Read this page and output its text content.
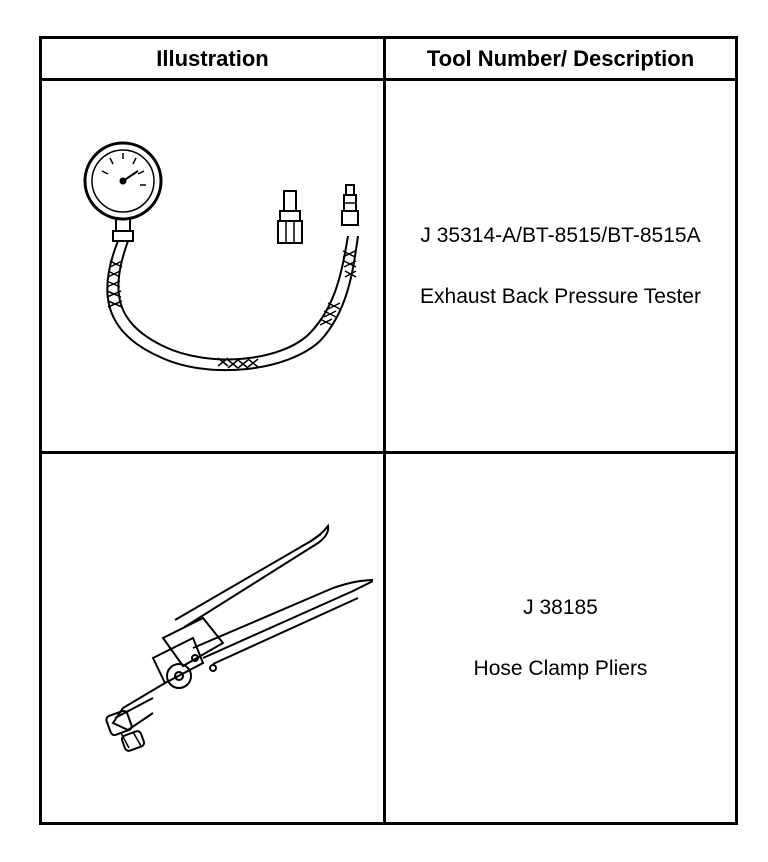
Illustration	Tool Number/ Description

J 35314-A/BT-8515/BT-8515A
Exhaust Back Pressure Tester

J 38185
Hose Clamp Pliers
